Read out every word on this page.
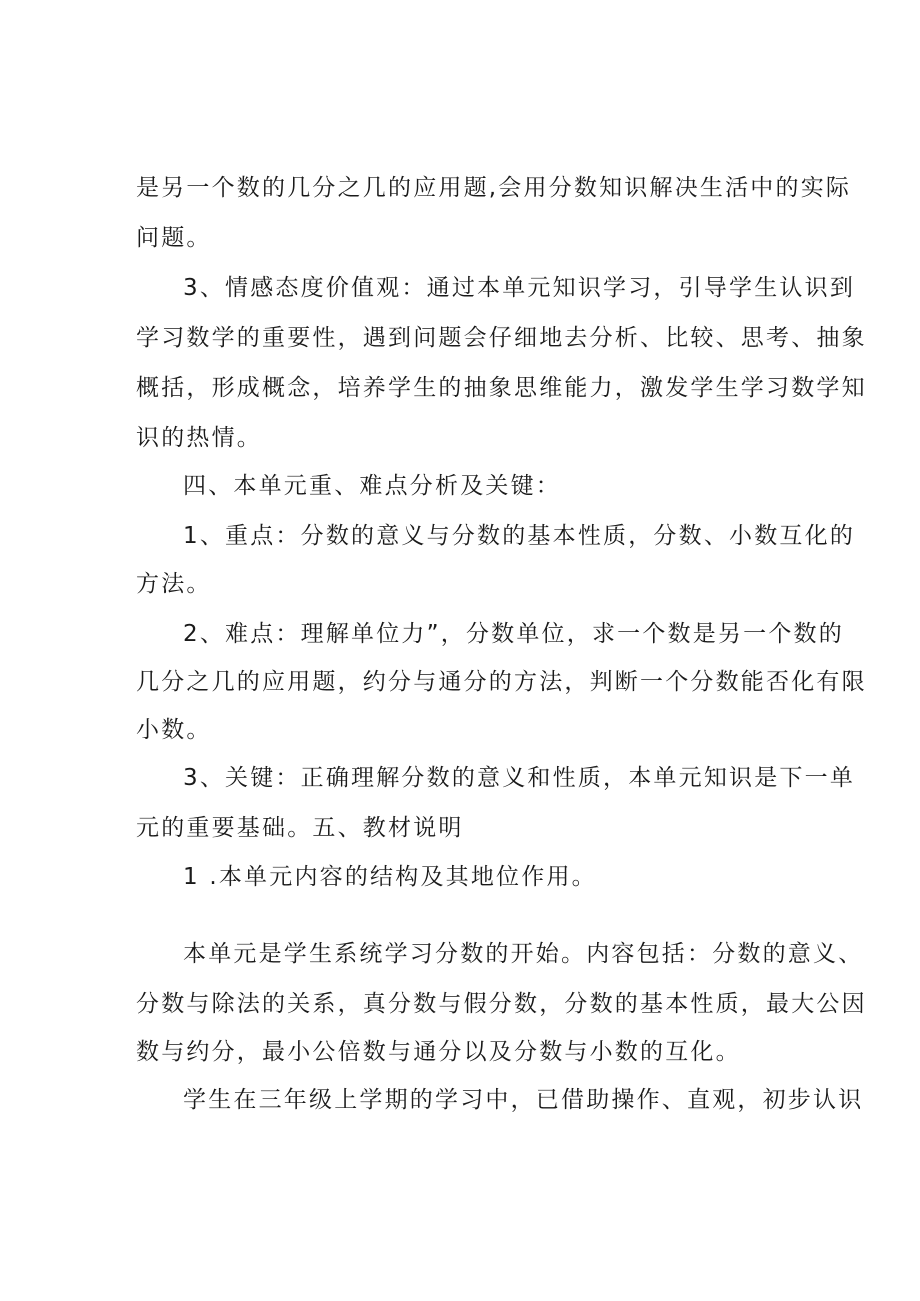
是另一个数的几分之几的应用题,会用分数知识解决生活中的实际
问题。
3、情感态度价值观：通过本单元知识学习，引导学生认识到
学习数学的重要性，遇到问题会仔细地去分析、比较、思考、抽象
概括，形成概念，培养学生的抽象思维能力，激发学生学习数学知
识的热情。
四、本单元重、难点分析及关键：
1、重点：分数的意义与分数的基本性质，分数、小数互化的
方法。
2、难点：理解单位力”，分数单位，求一个数是另一个数的
几分之几的应用题，约分与通分的方法，判断一个分数能否化有限
小数。
3、关键：正确理解分数的意义和性质，本单元知识是下一单
元的重要基础。五、教材说明
1 .本单元内容的结构及其地位作用。
本单元是学生系统学习分数的开始。内容包括：分数的意义、
分数与除法的关系，真分数与假分数，分数的基本性质，最大公因
数与约分，最小公倍数与通分以及分数与小数的互化。
学生在三年级上学期的学习中，已借助操作、直观，初步认识
